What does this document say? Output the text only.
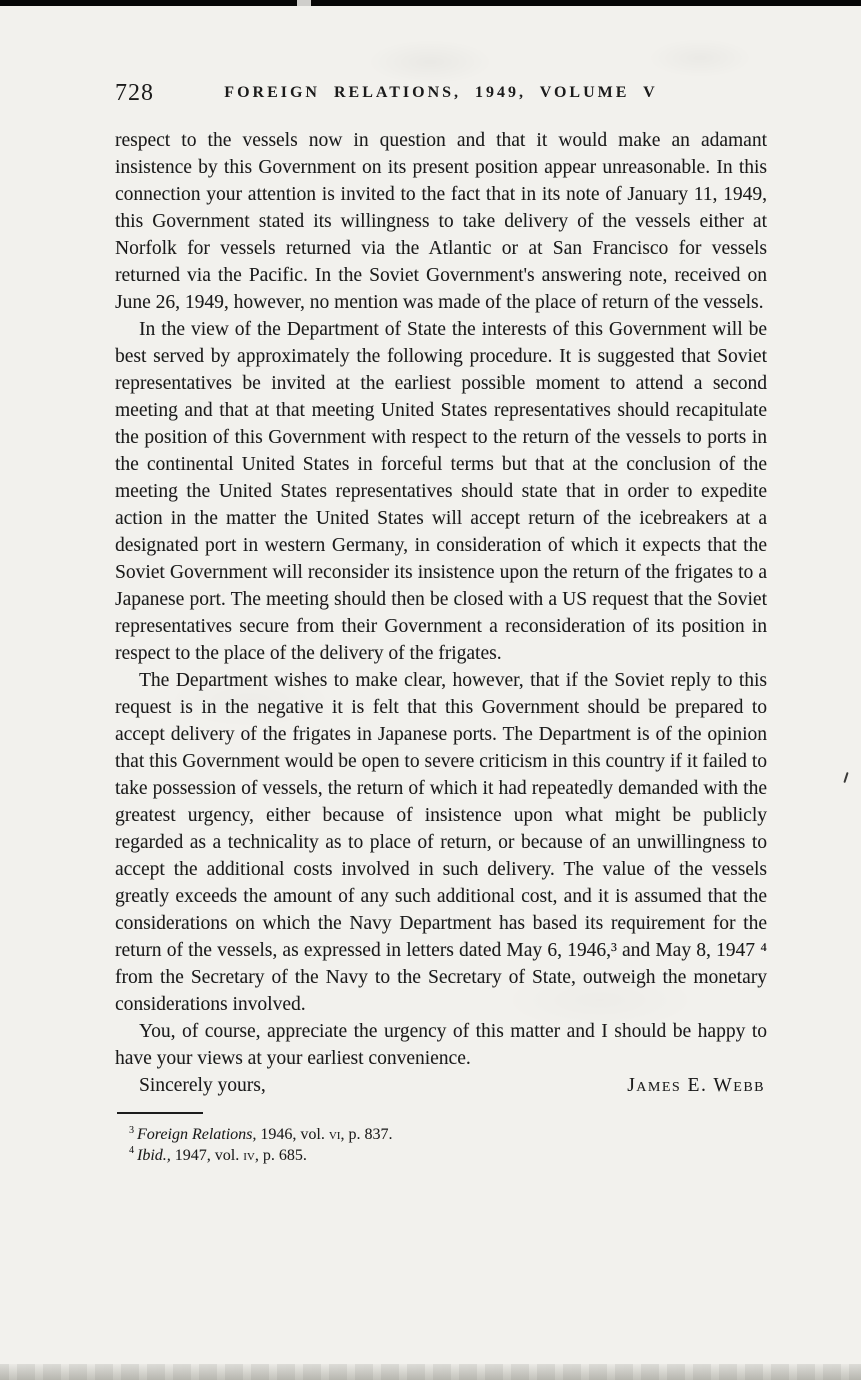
728	FOREIGN RELATIONS, 1949, VOLUME V

respect to the vessels now in question and that it would make an adamant insistence by this Government on its present position appear unreasonable. In this connection your attention is invited to the fact that in its note of January 11, 1949, this Government stated its willingness to take delivery of the vessels either at Norfolk for vessels returned via the Atlantic or at San Francisco for vessels returned via the Pacific. In the Soviet Government's answering note, received on June 26, 1949, however, no mention was made of the place of return of the vessels.

In the view of the Department of State the interests of this Government will be best served by approximately the following procedure. It is suggested that Soviet representatives be invited at the earliest possible moment to attend a second meeting and that at that meeting United States representatives should recapitulate the position of this Government with respect to the return of the vessels to ports in the continental United States in forceful terms but that at the conclusion of the meeting the United States representatives should state that in order to expedite action in the matter the United States will accept return of the icebreakers at a designated port in western Germany, in consideration of which it expects that the Soviet Government will reconsider its insistence upon the return of the frigates to a Japanese port. The meeting should then be closed with a US request that the Soviet representatives secure from their Government a reconsideration of its position in respect to the place of the delivery of the frigates.

The Department wishes to make clear, however, that if the Soviet reply to this request is in the negative it is felt that this Government should be prepared to accept delivery of the frigates in Japanese ports. The Department is of the opinion that this Government would be open to severe criticism in this country if it failed to take possession of vessels, the return of which it had repeatedly demanded with the greatest urgency, either because of insistence upon what might be publicly regarded as a technicality as to place of return, or because of an unwillingness to accept the additional costs involved in such delivery. The value of the vessels greatly exceeds the amount of any such additional cost, and it is assumed that the considerations on which the Navy Department has based its requirement for the return of the vessels, as expressed in letters dated May 6, 1946,³ and May 8, 1947 ⁴ from the Secretary of the Navy to the Secretary of State, outweigh the monetary considerations involved.

You, of course, appreciate the urgency of this matter and I should be happy to have your views at your earliest convenience.

Sincerely yours,	James E. Webb

$^3$ Foreign Relations, 1946, vol. vi, p. 837.

$^4$ Ibid., 1947, vol. iv, p. 685.
